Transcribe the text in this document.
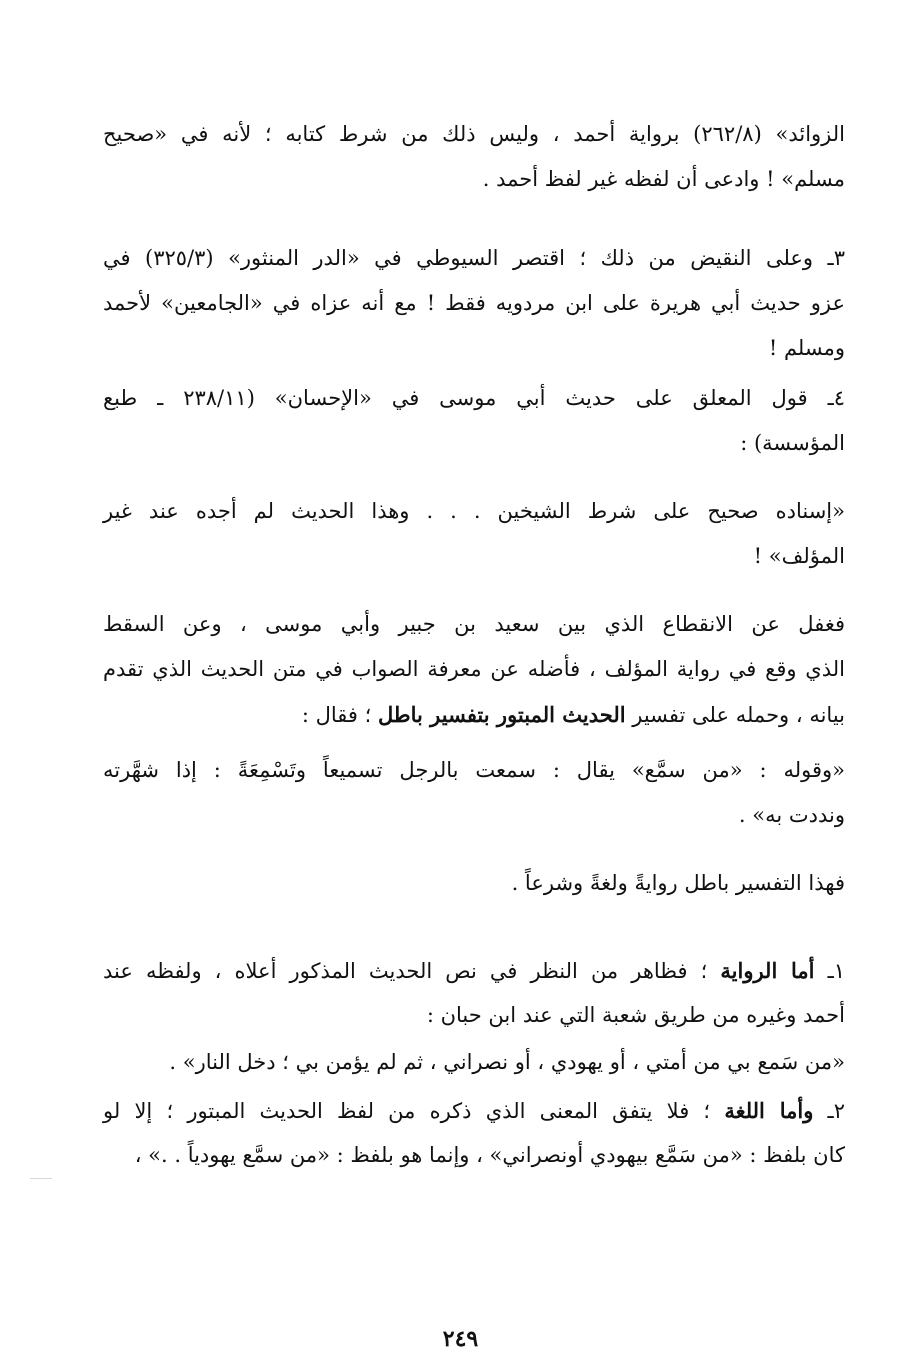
الزوائد» (٢٦٢/٨) برواية أحمد ، وليس ذلك من شرط كتابه ؛ لأنه في «صحيح
مسلم» ! وادعى أن لفظه غير لفظ أحمد .
٣ـ وعلى النقيض من ذلك ؛ اقتصر السيوطي في «الدر المنثور» (٣٢٥/٣) في
عزو حديث أبي هريرة على ابن مردويه فقط ! مع أنه عزاه في «الجامعين» لأحمد
ومسلم !
٤ـ قول المعلق على حديث أبي موسى في «الإحسان» (٢٣٨/١١ ـ طبع
المؤسسة) :
«إسناده صحيح على شرط الشيخين . . . وهذا الحديث لم أجده عند غير
المؤلف» !
فغفل عن الانقطاع الذي بين سعيد بن جبير وأبي موسى ، وعن السقط
الذي وقع في رواية المؤلف ، فأضله عن معرفة الصواب في متن الحديث الذي تقدم
بيانه ، وحمله على تفسير الحديث المبتور بتفسير باطل ؛ فقال :
«وقوله : «من سمَّع» يقال : سمعت بالرجل تسميعاً وتَسْمِعَةً : إذا شهَّرته
ونددت به» .
فهذا التفسير باطل روايةً ولغةً وشرعاً .
١ـ أما الرواية ؛ فظاهر من النظر في نص الحديث المذكور أعلاه ، ولفظه عند
أحمد وغيره من طريق شعبة التي عند ابن حبان :
«من سَمع بي من أمتي ، أو يهودي ، أو نصراني ، ثم لم يؤمن بي ؛ دخل النار» .
٢ـ وأما اللغة ؛ فلا يتفق المعنى الذي ذكره من لفظ الحديث المبتور ؛ إلا لو
كان بلفظ : «من سَمَّع بيهودي أونصراني» ، وإنما هو بلفظ : «من سمَّع يهودياً . .» ،
٢٤٩
